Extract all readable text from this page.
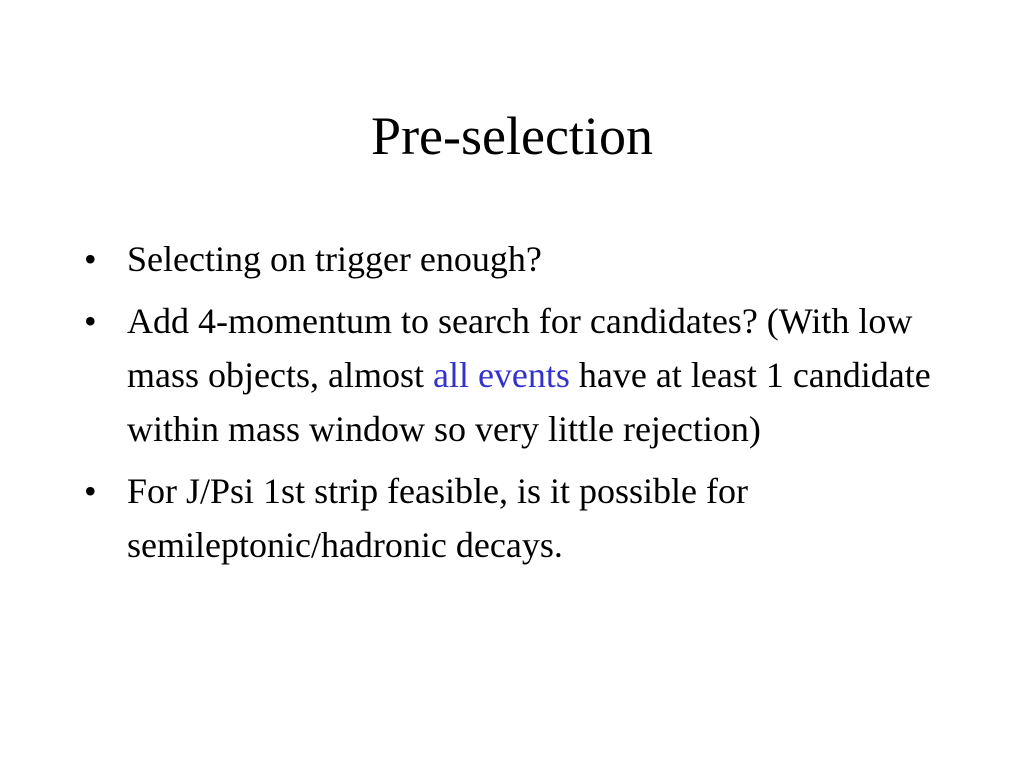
Pre-selection
• Selecting on trigger enough?
• Add 4-momentum to search for candidates? (With low mass objects, almost all events have at least 1 candidate within mass window so very little rejection)
• For J/Psi 1st strip feasible, is it possible for semileptonic/hadronic decays.
